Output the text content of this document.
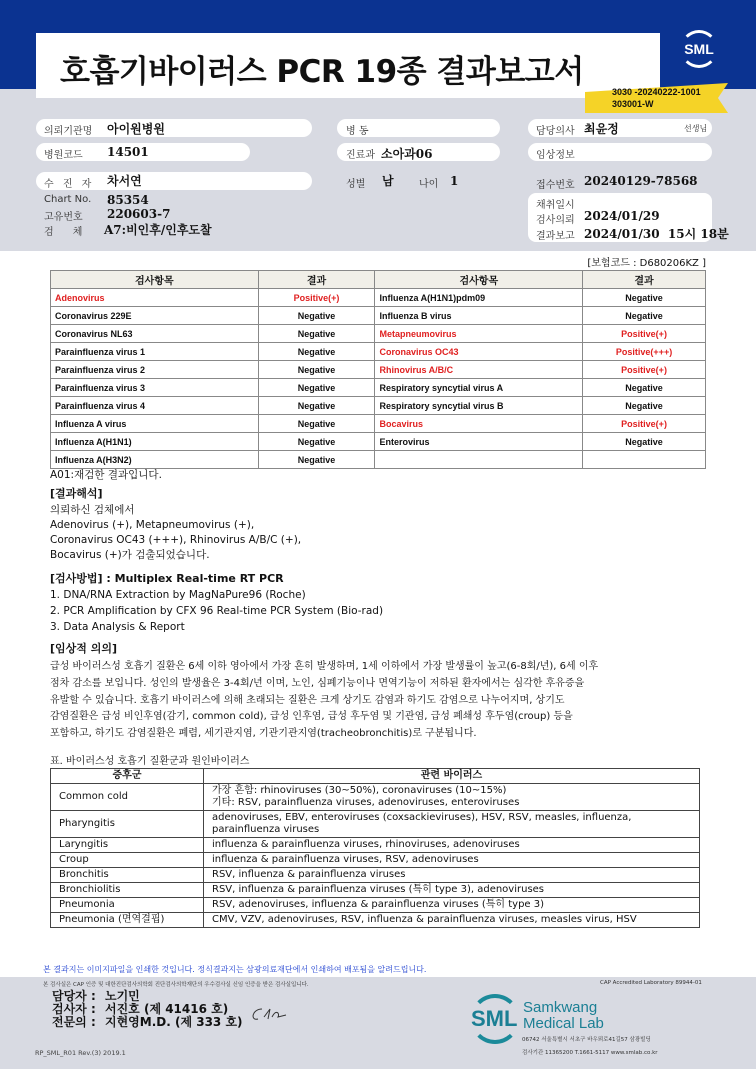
호흡기바이러스 PCR 19종 결과보고서
SML
3030 -20240222-1001
303001-W
의뢰기관명 아이원병원	병 동	담당의사 최윤정	선생님
병원코드 14501	진료과 소아과06	임상정보
수 진 자 차서연	성별 남	나이 1	접수번호 20240129-78568
Chart No. 85354
고유번호 220603-7
검      체 A7:비인후/인후도찰
채취일시
검사의뢰 2024/01/29
결과보고 2024/01/30  15시 18분
[보험코드 : D680206KZ ]
검사항목	결과	검사항목	결과
Adenovirus	Positive(+)	Influenza A(H1N1)pdm09	Negative
Coronavirus 229E	Negative	Influenza B virus	Negative
Coronavirus NL63	Negative	Metapneumovirus	Positive(+)
Parainfluenza virus 1	Negative	Coronavirus OC43	Positive(+++)
Parainfluenza virus 2	Negative	Rhinovirus A/B/C	Positive(+)
Parainfluenza virus 3	Negative	Respiratory syncytial virus A	Negative
Parainfluenza virus 4	Negative	Respiratory syncytial virus B	Negative
Influenza A virus	Negative	Bocavirus	Positive(+)
Influenza A(H1N1)	Negative	Enterovirus	Negative
Influenza A(H3N2)	Negative		
A01:재검한 결과입니다.
[결과해석]
의뢰하신 검체에서
Adenovirus (+), Metapneumovirus (+),
Coronavirus OC43 (+++), Rhinovirus A/B/C (+),
Bocavirus (+)가 검출되었습니다.
[검사방법] : Multiplex Real-time RT PCR
1. DNA/RNA Extraction by MagNaPure96 (Roche)
2. PCR Amplification by CFX 96 Real-time PCR System (Bio-rad)
3. Data Analysis & Report
[임상적 의의]
급성 바이러스성 호흡기 질환은 6세 이하 영아에서 가장 흔히 발생하며, 1세 이하에서 가장 발생률이 높고(6-8회/년), 6세 이후
점차 감소를 보입니다. 성인의 발생율은 3-4회/년 이며, 노인, 심폐기능이나 면역기능이 저하된 환자에서는 심각한 후유증을
유발할 수 있습니다. 호흡기 바이러스에 의해 초래되는 질환은 크게 상기도 감염과 하기도 감염으로 나누어지며, 상기도
감염질환은 급성 비인후염(감기, common cold), 급성 인후염, 급성 후두염 및 기관염, 급성 폐쇄성 후두염(croup) 등을
포함하고, 하기도 감염질환은 폐렴, 세기관지염, 기관기관지염(tracheobronchitis)로 구분됩니다.
표. 바이러스성 호흡기 질환군과 원인바이러스
증후군	관련 바이러스
Common cold	가장 흔함: rhinoviruses (30~50%), coronaviruses (10~15%)
기타: RSV, parainfluenza viruses, adenoviruses, enteroviruses

Pharyngitis	adenoviruses, EBV, enteroviruses (coxsackieviruses), HSV, RSV, measles, influenza,
parainfluenza viruses

Laryngitis	influenza & parainfluenza viruses, rhinoviruses, adenoviruses

Croup	influenza & parainfluenza viruses, RSV, adenoviruses

Bronchitis	RSV, influenza & parainfluenza viruses

Bronchiolitis	RSV, influenza & parainfluenza viruses (특히 type 3), adenoviruses

Pneumonia	RSV, adenoviruses, influenza & parainfluenza viruses (특히 type 3)

Pneumonia (면역결핍)	CMV, VZV, adenoviruses, RSV, influenza & parainfluenza viruses, measles virus, HSV
본 결과지는 이미지파일을 인쇄한 것입니다. 정식결과지는 삼광의료재단에서 인쇄하여 배포됨을 알려드립니다.
본 검사실은 CAP 인증 및 대한진단검사의학회 진단검사의학재단의 우수검사실 신임 인증을 받은 검사실입니다.	CAP Accredited Laboratory 8994​4-01
담당자 : 노기민
검사자 : 서진호 (제 41416 호)
전문의 : 지현영M.D. (제 333 호)	SML Samkwang
Medical Lab
06742 서울특별시 서초구 바우뫼로41길57 삼광빌딩
검사기관 11365200 T.1661-5117 www.smlab.co.kr
RP_SML_R01 Rev.(3) 2019.1
